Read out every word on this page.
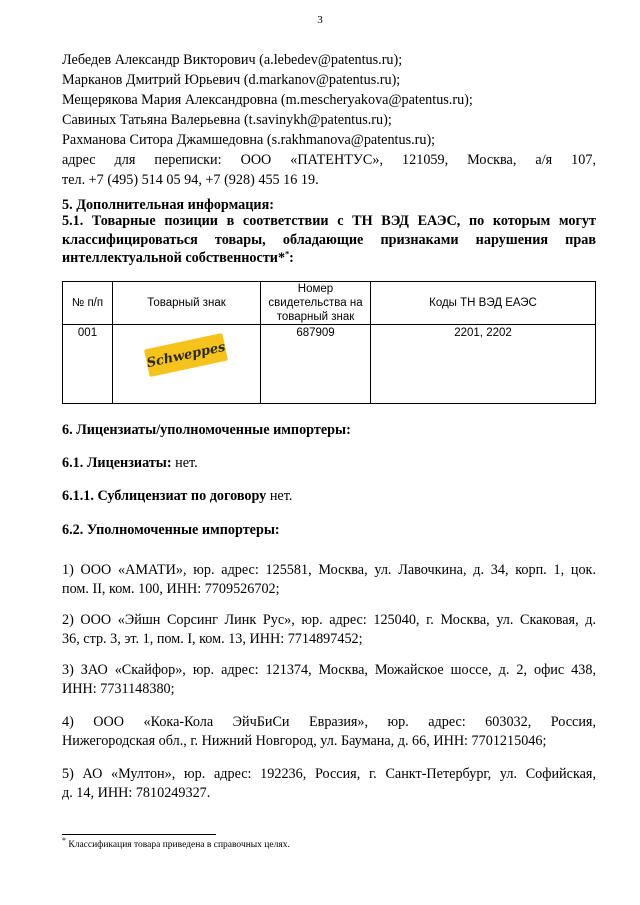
3
Лебедев Александр Викторович (a.lebedev@patentus.ru);
Марканов Дмитрий Юрьевич (d.markanov@patentus.ru);
Мещерякова Мария Александровна (m.mescheryakova@patentus.ru);
Савиных Татьяна Валерьевна (t.savinykh@patentus.ru);
Рахманова Ситора Джамшедовна (s.rakhmanova@patentus.ru);
адрес для переписки: ООО «ПАТЕНТУС», 121059, Москва, а/я 107,
тел. +7 (495) 514 05 94, +7 (928) 455 16 19.
5. Дополнительная информация:
5.1. Товарные позиции в соответствии с ТН ВЭД ЕАЭС, по которым могут
классифицироваться товары, обладающие признаками нарушения прав
интеллектуальной собственности**:
№ п/п	Товарный знак	Номер свидетельства на товарный знак	Коды ТН ВЭД ЕАЭС
001	Schweppes	687909	2201, 2202
6. Лицензиаты/уполномоченные импортеры:
6.1. Лицензиаты: нет.
6.1.1. Сублицензиат по договору нет.
6.2. Уполномоченные импортеры:
1) ООО «АМАТИ», юр. адрес: 125581, Москва, ул. Лавочкина, д. 34, корп. 1, цок.
пом. II, ком. 100, ИНН: 7709526702;
2) ООО «Эйшн Сорсинг Линк Рус», юр. адрес: 125040, г. Москва, ул. Скаковая, д.
36, стр. 3, эт. 1, пом. I, ком. 13, ИНН: 7714897452;
3) ЗАО «Скайфор», юр. адрес: 121374, Москва, Можайское шоссе, д. 2, офис 438,
ИНН: 7731148380;
4) ООО «Кока-Кола ЭйчБиСи Евразия», юр. адрес: 603032, Россия,
Нижегородская обл., г. Нижний Новгород, ул. Баумана, д. 66, ИНН: 7701215046;
5) АО «Мултон», юр. адрес: 192236, Россия, г. Санкт-Петербург, ул. Софийская,
д. 14, ИНН: 7810249327.
* Классификация товара приведена в справочных целях.
